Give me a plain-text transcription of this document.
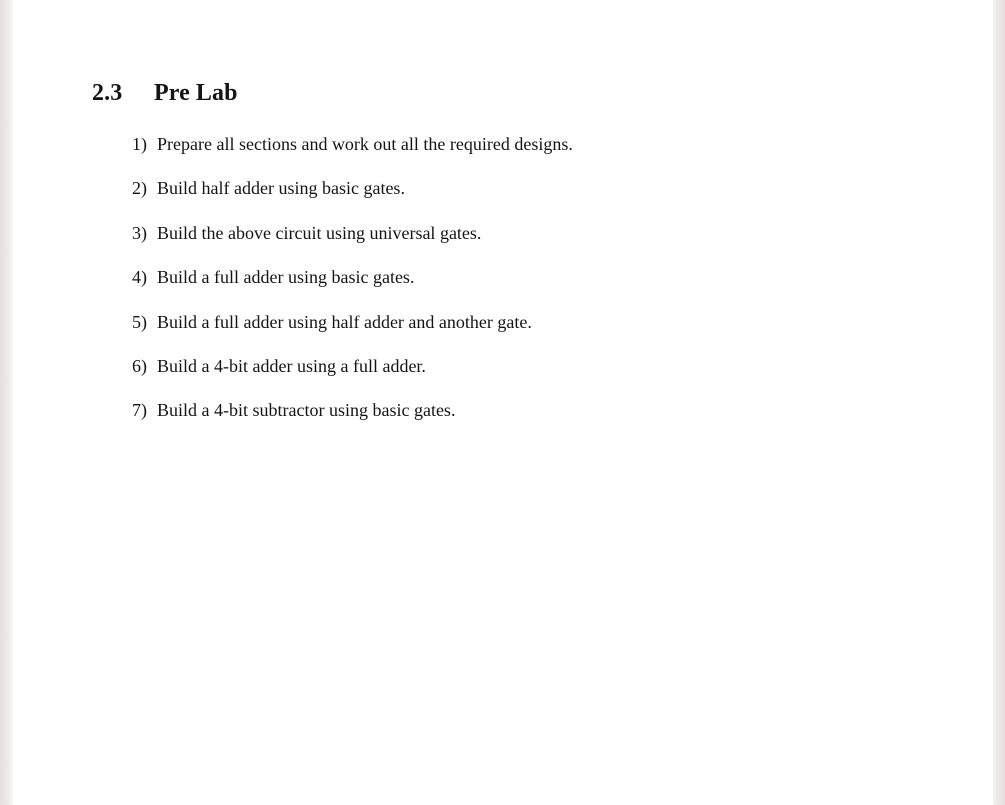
2.3	Pre Lab
1) Prepare all sections and work out all the required designs.
2) Build half adder using basic gates.
3) Build the above circuit using universal gates.
4) Build a full adder using basic gates.
5) Build a full adder using half adder and another gate.
6) Build a 4-bit adder using a full adder.
7) Build a 4-bit subtractor using basic gates.
